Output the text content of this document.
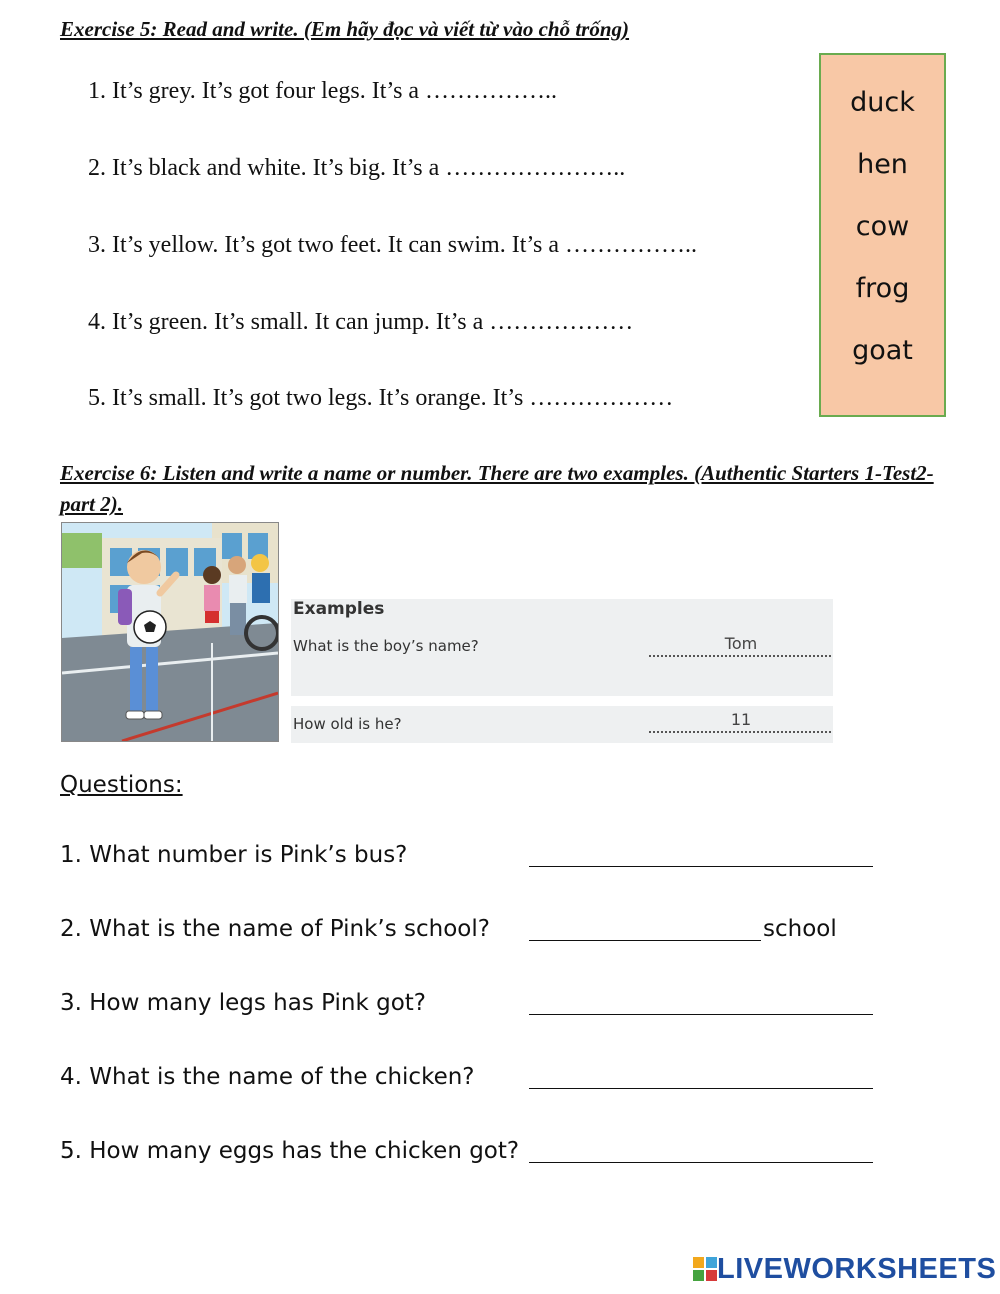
Exercise 5: Read and write. (Em hãy đọc và viết từ vào chỗ trống)
1. It’s grey. It’s got four legs. It’s a ……………..
2. It’s black and white. It’s big. It’s a …………………..
3. It’s yellow. It’s got two feet. It can swim. It’s a ……………..
4. It’s green. It’s small. It can jump. It’s a ………………
5. It’s small. It’s got two legs. It’s orange. It’s ………………
duck
hen
cow
frog
goat
Exercise 6: Listen and write a name or number. There are two examples. (Authentic Starters 1-Test2-part 2).
Examples
What is the boy’s name?	Tom
How old is he?	11
Questions:
1. What number is Pink’s bus?
2. What is the name of Pink’s school?	school
3. How many legs has Pink got?
4. What is the name of the chicken?
5. How many eggs has the chicken got?
LIVEWORKSHEETS
